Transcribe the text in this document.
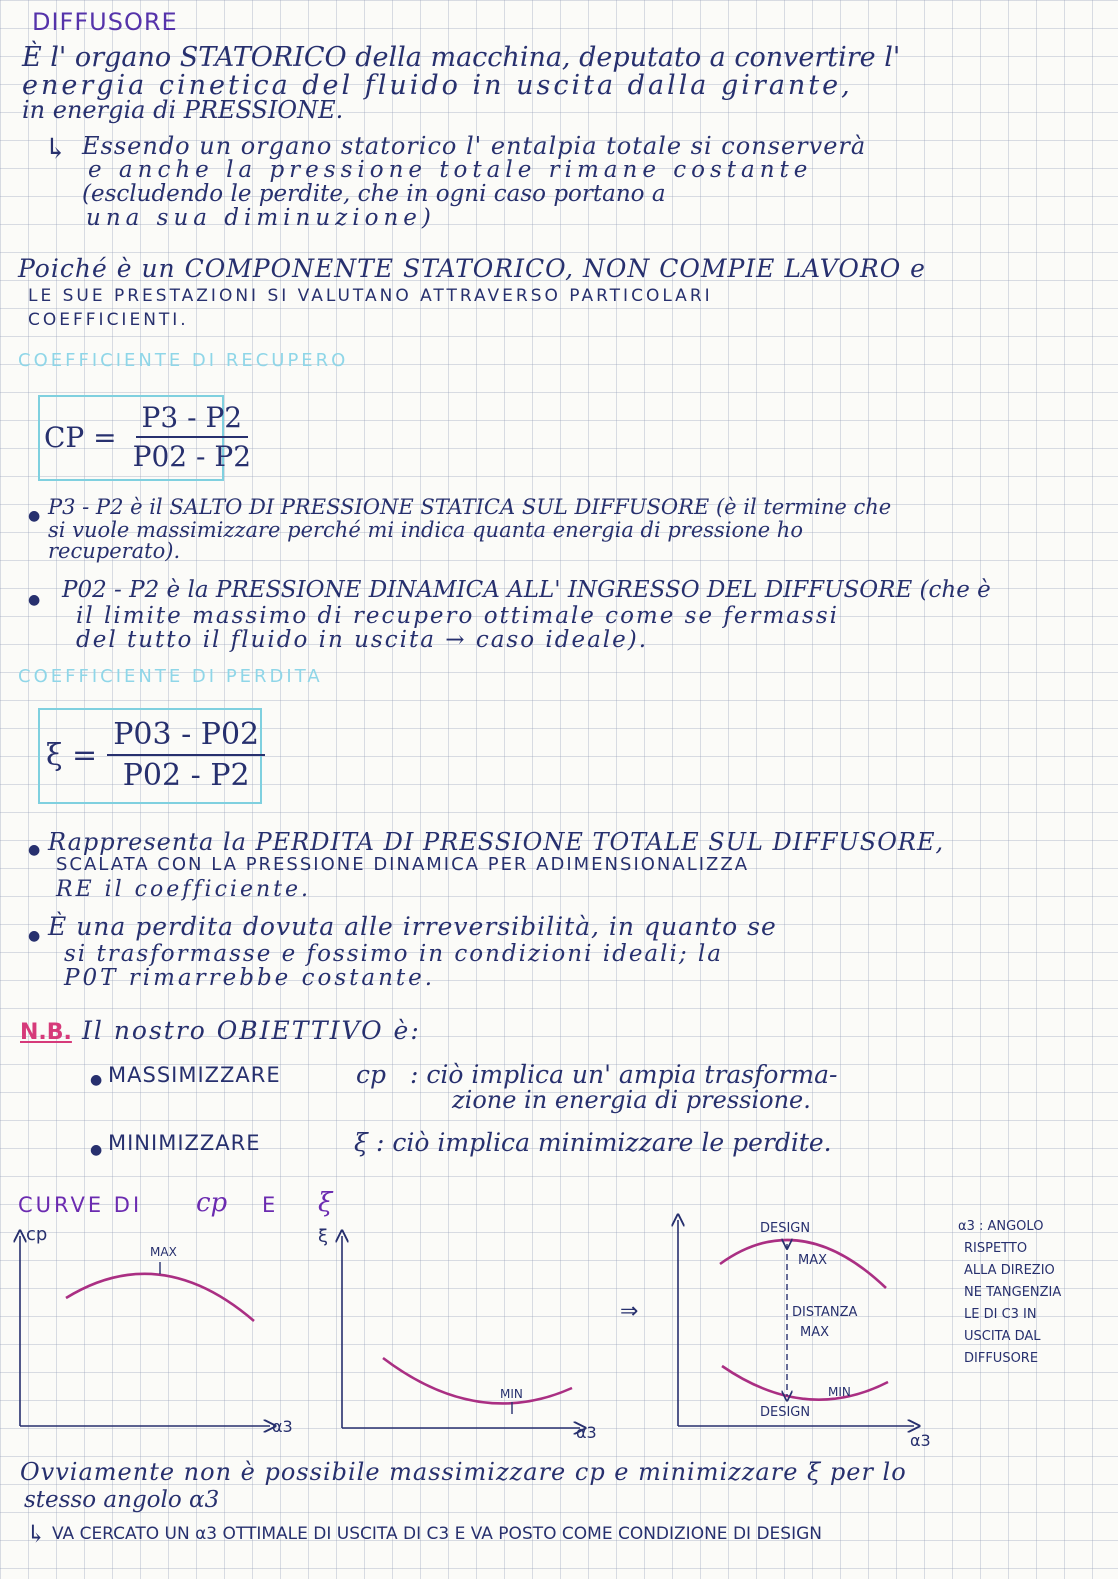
DIFFUSORE
È l' organo STATORICO della macchina, deputato a convertire l'
energia cinetica del fluido in uscita dalla girante,
in energia di PRESSIONE.
↳ Essendo un organo statorico l' entalpia totale si conserverà
e anche la pressione totale rimane costante
(escludendo le perdite, che in ogni caso portano a
una sua diminuzione)
Poiché è un COMPONENTE STATORICO, NON COMPIE LAVORO e
LE SUE PRESTAZIONI SI VALUTANO ATTRAVERSO PARTICOLARI
COEFFICIENTI.
COEFFICIENTE DI RECUPERO
CP = $\frac{P3 - P2}{P02 - P2}$
● P3 - P2 è il SALTO DI PRESSIONE STATICA SUL DIFFUSORE (è il termine che
si vuole massimizzare perché mi indica quanta energia di pressione ho
recuperato).
● P02 - P2 è la PRESSIONE DINAMICA ALL' INGRESSO DEL DIFFUSORE (che è
il limite massimo di recupero ottimale come se fermassi
del tutto il fluido in uscita → caso ideale).
COEFFICIENTE DI PERDITA
$\xi = \frac{P03 - P02}{P02 - P2}$
● Rappresenta la PERDITA DI PRESSIONE TOTALE SUL DIFFUSORE,
SCALATA CON LA PRESSIONE DINAMICA PER ADIMENSIONALIZZA
RE il coefficiente.
● È una perdita dovuta alle irreversibilità, in quanto se
si trasformasse e fossimo in condizioni ideali; la
P0T rimarrebbe costante.
N.B. Il nostro OBIETTIVO è:
● MASSIMIZZARE	cp : ciò implica un' ampia trasforma-
zione in energia di pressione.
● MINIMIZZARE	ξ : ciò implica minimizzare le perdite.
CURVE DI cp E ξ
cp
α3
MAX
ξ
α3
MIN
⇒
α3
DESIGN
MAX
DISTANZA
MAX
MIN
DESIGN
α3 : ANGOLO
RISPETTO
ALLA DIREZIO
NE TANGENZIA
LE DI C3 IN
USCITA DAL
DIFFUSORE
Ovviamente non è possibile massimizzare cp e minimizzare ξ per lo
stesso angolo α3
↳ VA CERCATO UN α3 OTTIMALE DI USCITA DI C3 E VA POSTO COME CONDIZIONE DI DESIGN
